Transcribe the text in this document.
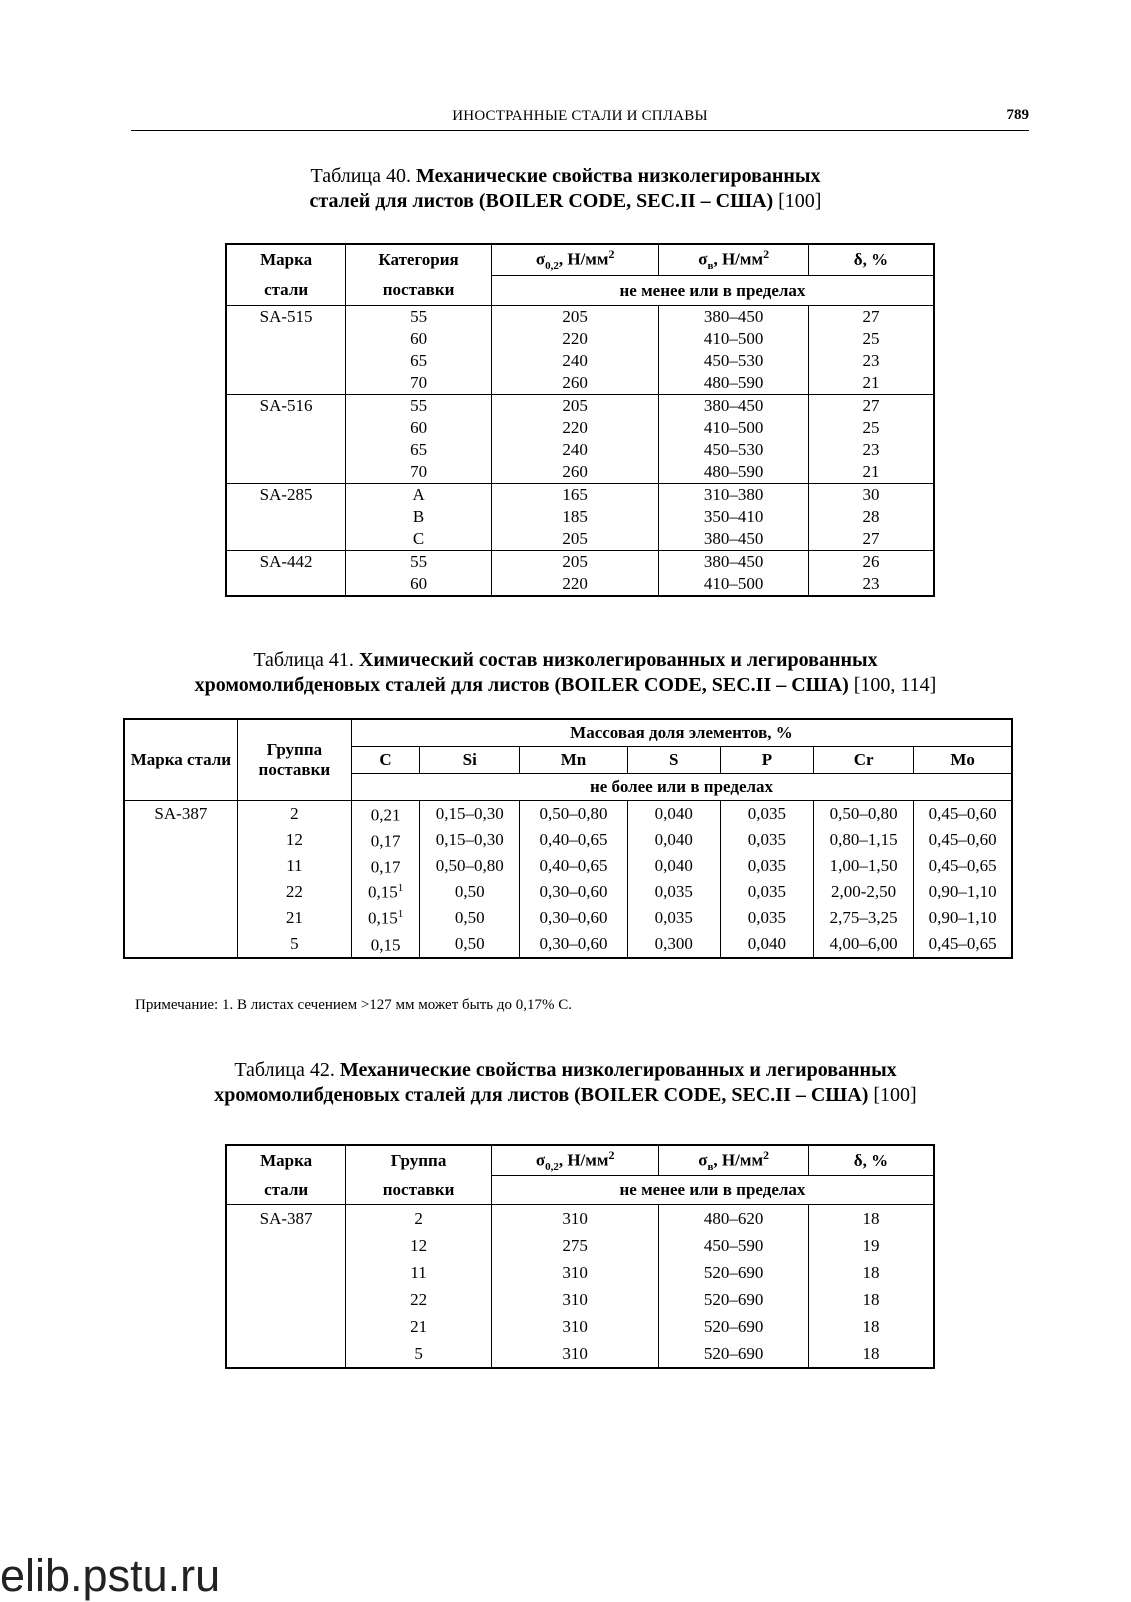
ИНОСТРАННЫЕ СТАЛИ И СПЛАВЫ	789
Таблица 40. Механические свойства низколегированных
сталей для листов (BOILER CODE, SEC.II – США) [100]
Марка	Категория	$\sigma_{0,2}$, Н/мм$^2$	$\sigma_в$, Н/мм$^2$	δ, %
стали	поставки	не менее или в пределах		
SA-515	55	205	380–450	27
	60	220	410–500	25
	65	240	450–530	23
	70	260	480–590	21
SA-516	55	205	380–450	27
	60	220	410–500	25
	65	240	450–530	23
	70	260	480–590	21
SA-285	A	165	310–380	30
	B	185	350–410	28
	C	205	380–450	27
SA-442	55	205	380–450	26
	60	220	410–500	23
Таблица 41. Химический состав низколегированных и легированных
хромомолибденовых сталей для листов (BOILER CODE, SEC.II – США) [100, 114]
Марка стали	Группа поставки	Массовая доля элементов, %						
		C	Si	Mn	S	P	Cr	Mo
		не более или в пределах						
SA-387	2	0,21	0,15–0,30	0,50–0,80	0,040	0,035	0,50–0,80	0,45–0,60
	12	0,17	0,15–0,30	0,40–0,65	0,040	0,035	0,80–1,15	0,45–0,60
	11	0,17	0,50–0,80	0,40–0,65	0,040	0,035	1,00–1,50	0,45–0,65
	22	0,15$^1$	0,50	0,30–0,60	0,035	0,035	2,00-2,50	0,90–1,10
	21	0,15$^1$	0,50	0,30–0,60	0,035	0,035	2,75–3,25	0,90–1,10
	5	0,15	0,50	0,30–0,60	0,300	0,040	4,00–6,00	0,45–0,65
Примечание: 1. В листах сечением >127 мм может быть до 0,17% С.
Таблица 42. Механические свойства низколегированных и легированных
хромомолибденовых сталей для листов (BOILER CODE, SEC.II – США) [100]
Марка	Группа	$\sigma_{0,2}$, Н/мм$^2$	$\sigma_в$, Н/мм$^2$	δ, %
стали	поставки	не менее или в пределах		
SA-387	2	310	480–620	18
	12	275	450–590	19
	11	310	520–690	18
	22	310	520–690	18
	21	310	520–690	18
	5	310	520–690	18
elib.pstu.ru
